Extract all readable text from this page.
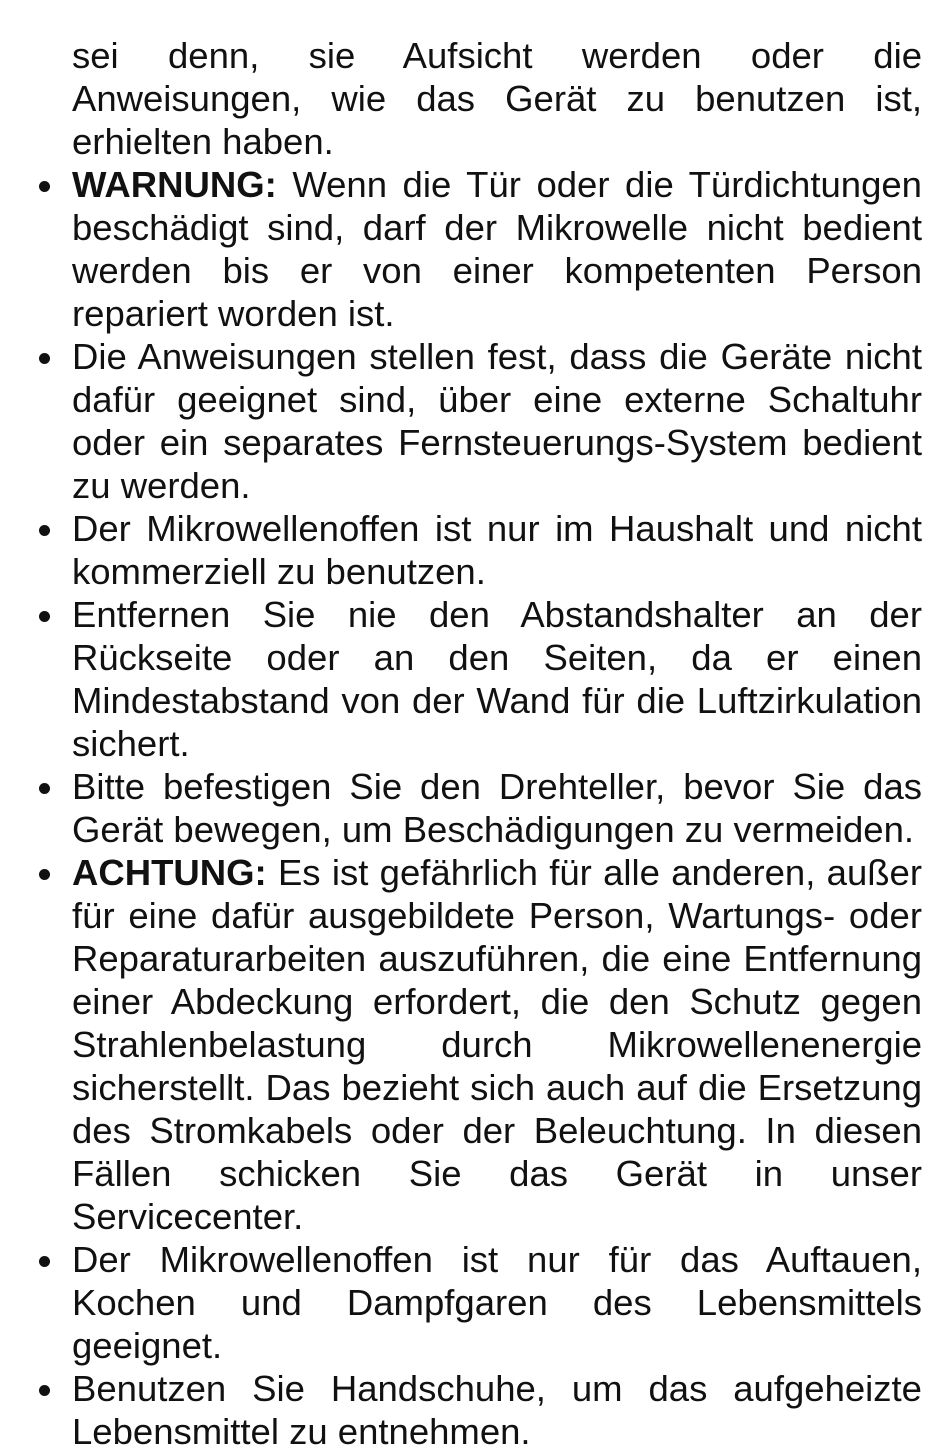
sei denn, sie Aufsicht werden oder die Anweisungen, wie das Gerät zu benutzen ist, erhielten haben.
WARNUNG: Wenn die Tür oder die Türdichtungen beschädigt sind, darf der Mikrowelle nicht bedient werden bis er von einer kompetenten Person repariert worden ist.
Die Anweisungen stellen fest, dass die Geräte nicht dafür geeignet sind, über eine externe Schaltuhr oder ein separates Fernsteuerungs-System bedient zu werden.
Der Mikrowellenoffen ist nur im Haushalt und nicht kommerziell zu benutzen.
Entfernen Sie nie den Abstandshalter an der Rückseite oder an den Seiten, da er einen Mindestabstand von der Wand für die Luftzirkulation sichert.
Bitte befestigen Sie den Drehteller, bevor Sie das Gerät bewegen, um Beschädigungen zu vermeiden.
ACHTUNG: Es ist gefährlich für alle anderen, außer für eine dafür ausgebildete Person, Wartungs- oder Reparaturarbeiten auszuführen, die eine Entfernung einer Abdeckung erfordert, die den Schutz gegen Strahlenbelastung durch Mikrowellenenergie sicherstellt. Das bezieht sich auch auf die Ersetzung des Stromkabels oder der Beleuchtung. In diesen Fällen schicken Sie das Gerät in unser Servicecenter.
Der Mikrowellenoffen ist nur für das Auftauen, Kochen und Dampfgaren des Lebensmittels geeignet.
Benutzen Sie Handschuhe, um das aufgeheizte Lebensmittel zu entnehmen.
